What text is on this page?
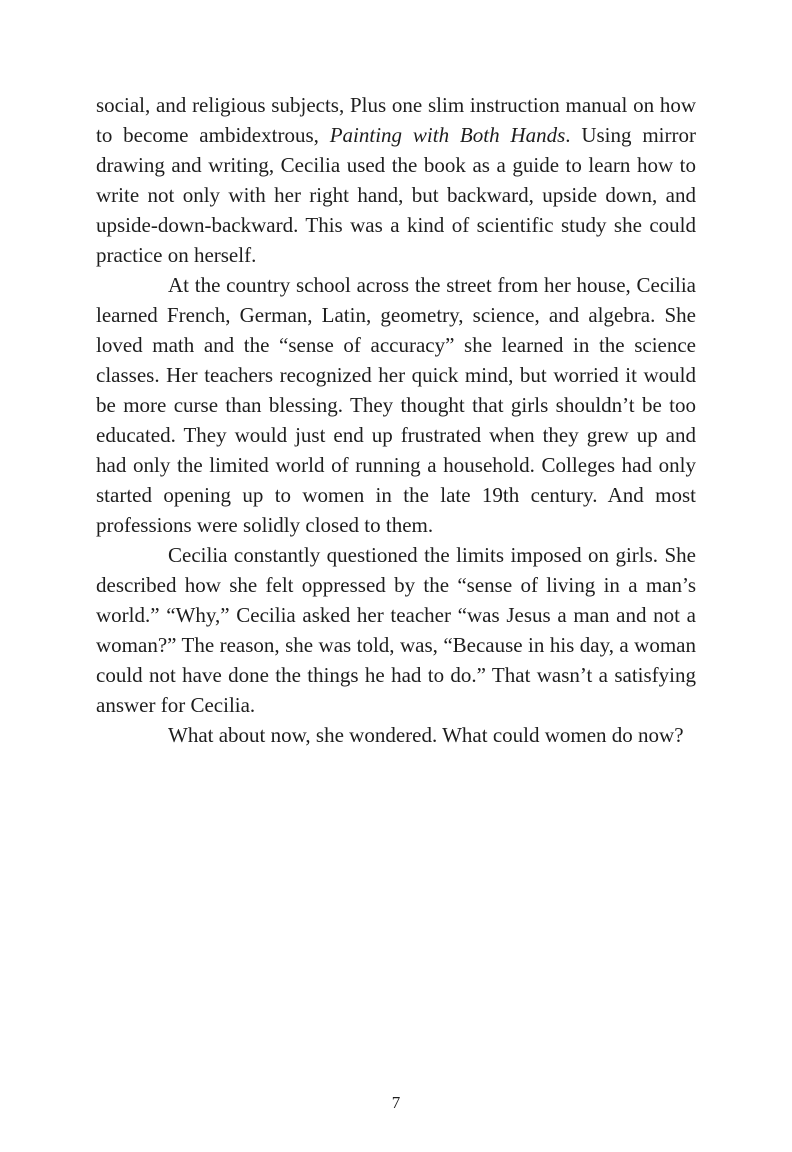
social, and religious subjects, Plus one slim instruction manual on how to become ambidextrous, Painting with Both Hands. Using mirror drawing and writing, Cecilia used the book as a guide to learn how to write not only with her right hand, but backward, upside down, and upside-down-backward. This was a kind of scientific study she could practice on herself.

At the country school across the street from her house, Cecilia learned French, German, Latin, geometry, science, and algebra. She loved math and the “sense of accuracy” she learned in the science classes. Her teachers recognized her quick mind, but worried it would be more curse than blessing. They thought that girls shouldn’t be too educated. They would just end up frustrated when they grew up and had only the limited world of running a household. Colleges had only started opening up to women in the late 19th century. And most professions were solidly closed to them.

Cecilia constantly questioned the limits imposed on girls. She described how she felt oppressed by the “sense of living in a man’s world.” “Why,” Cecilia asked her teacher “was Jesus a man and not a woman?” The reason, she was told, was, “Because in his day, a woman could not have done the things he had to do.” That wasn’t a satisfying answer for Cecilia.

What about now, she wondered. What could women do now?

7
